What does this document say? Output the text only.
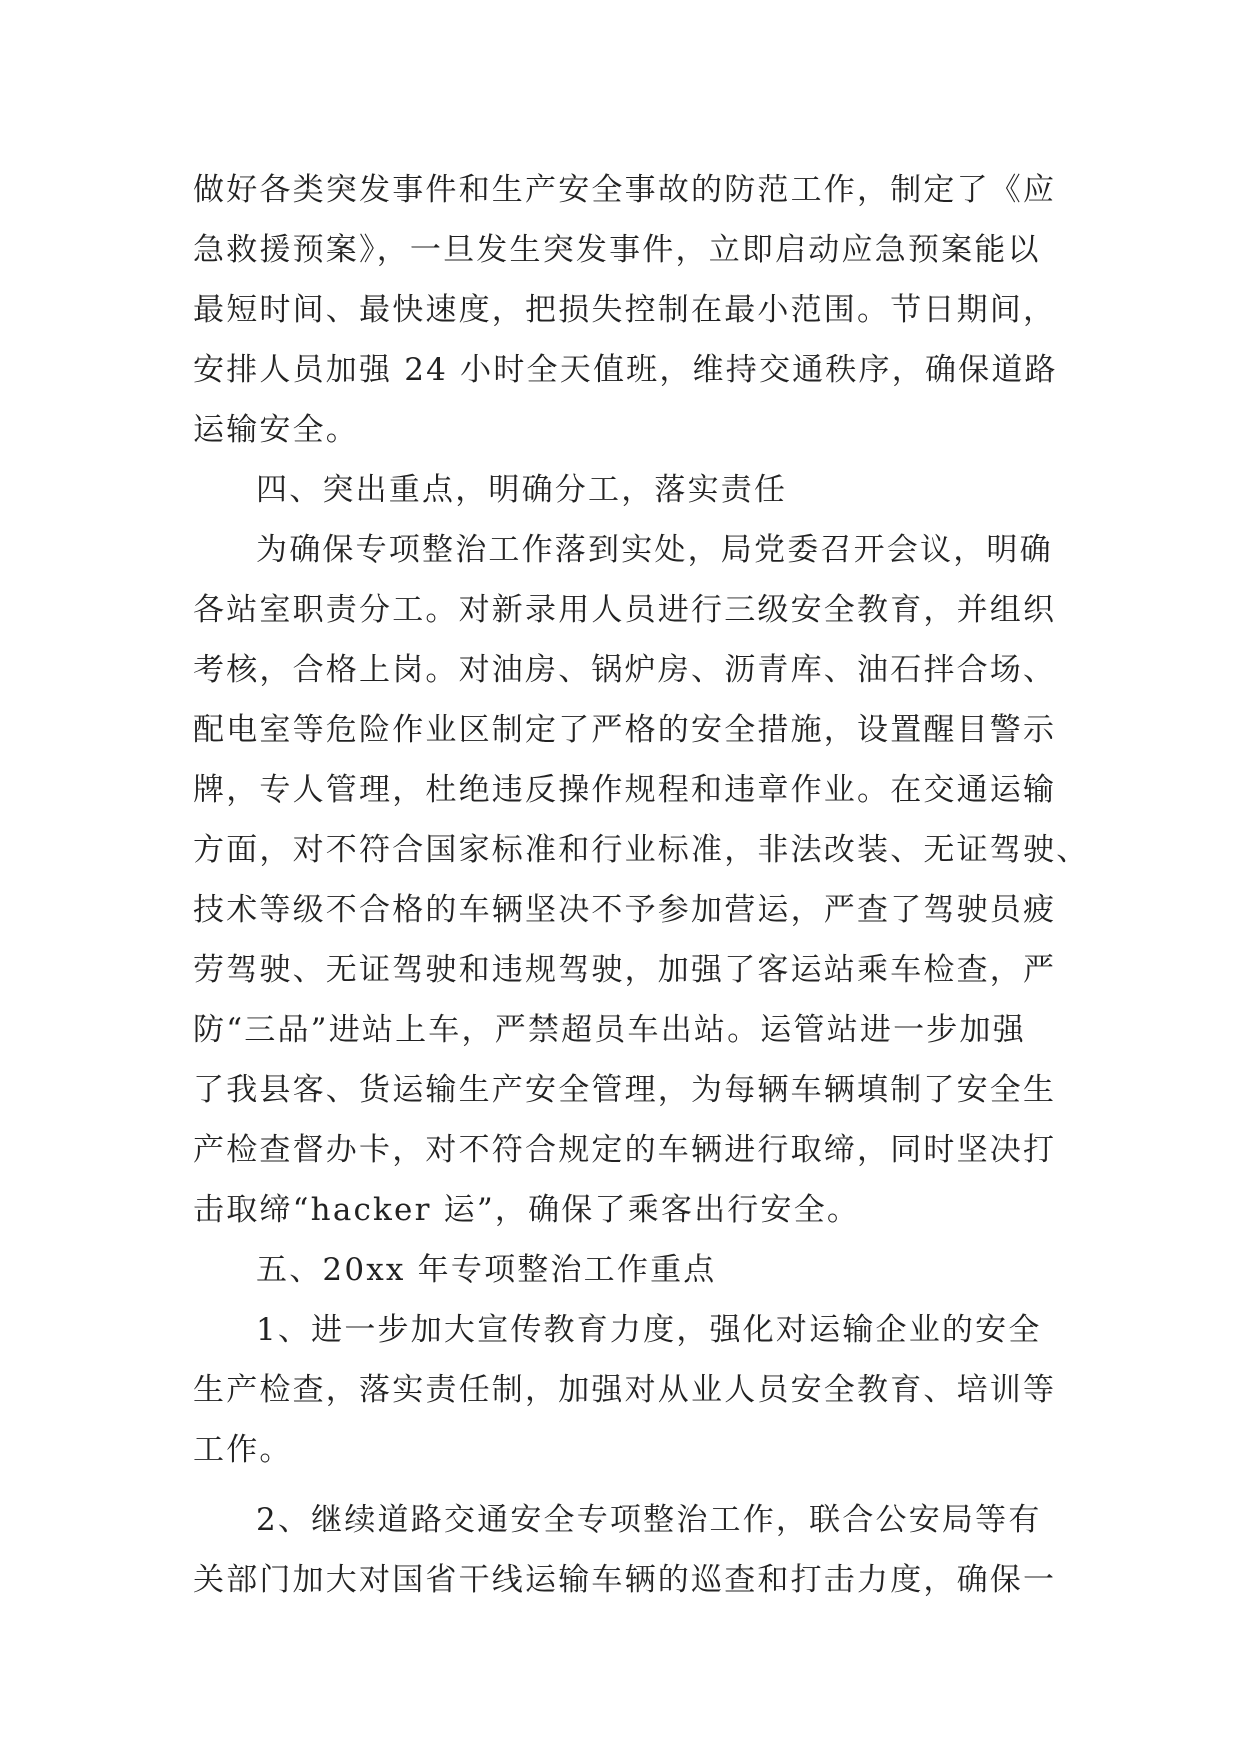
做好各类突发事件和生产安全事故的防范工作，制定了《应
急救援预案》，一旦发生突发事件，立即启动应急预案能以
最短时间、最快速度，把损失控制在最小范围。节日期间，
安排人员加强 24 小时全天值班，维持交通秩序，确保道路
运输安全。
四、突出重点，明确分工，落实责任
为确保专项整治工作落到实处，局党委召开会议，明确
各站室职责分工。对新录用人员进行三级安全教育，并组织
考核，合格上岗。对油房、锅炉房、沥青库、油石拌合场、
配电室等危险作业区制定了严格的安全措施，设置醒目警示
牌，专人管理，杜绝违反操作规程和违章作业。在交通运输
方面，对不符合国家标准和行业标准，非法改装、无证驾驶、
技术等级不合格的车辆坚决不予参加营运，严查了驾驶员疲
劳驾驶、无证驾驶和违规驾驶，加强了客运站乘车检查，严
防“三品”进站上车，严禁超员车出站。运管站进一步加强
了我县客、货运输生产安全管理，为每辆车辆填制了安全生
产检查督办卡，对不符合规定的车辆进行取缔，同时坚决打
击取缔“hacker 运”，确保了乘客出行安全。
五、20xx 年专项整治工作重点
1、进一步加大宣传教育力度，强化对运输企业的安全
生产检查，落实责任制，加强对从业人员安全教育、培训等
工作。
2、继续道路交通安全专项整治工作，联合公安局等有
关部门加大对国省干线运输车辆的巡查和打击力度，确保一
